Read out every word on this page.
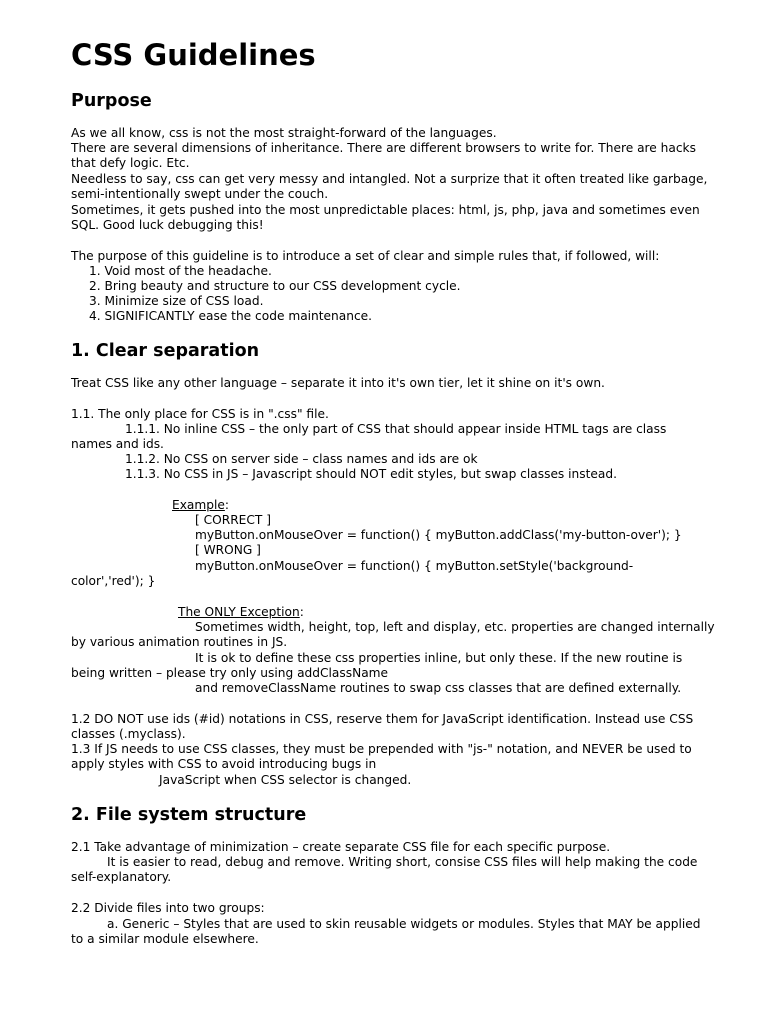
CSS Guidelines
Purpose

As we all know, css is not the most straight-forward of the languages.

There are several dimensions of inheritance. There are different browsers to write for. There are hacks

that defy logic. Etc.

Needless to say, css can get very messy and intangled. Not a surprize that it often treated like garbage,

semi-intentionally swept under the couch.

Sometimes, it gets pushed into the most unpredictable places: html, js, php, java and sometimes even

SQL. Good luck debugging this!

The purpose of this guideline is to introduce a set of clear and simple rules that, if followed, will:

1. Void most of the headache.

2. Bring beauty and structure to our CSS development cycle.

3. Minimize size of CSS load.

4. SIGNIFICANTLY ease the code maintenance.

1. Clear separation

Treat CSS like any other language – separate it into it's own tier, let it shine on it's own.

1.1. The only place for CSS is in ".css" file.

1.1.1. No inline CSS – the only part of CSS that should appear inside HTML tags are class

names and ids.

1.1.2. No CSS on server side – class names and ids are ok

1.1.3. No CSS in JS – Javascript should NOT edit styles, but swap classes instead.

Example:

[ CORRECT ]

myButton.onMouseOver = function() { myButton.addClass('my-button-over'); }

[ WRONG ]

myButton.onMouseOver = function() { myButton.setStyle('background-

color','red'); }

The ONLY Exception:

Sometimes width, height, top, left and display, etc. properties are changed internally

by various animation routines in JS.

It is ok to define these css properties inline, but only these. If the new routine is

being written – please try only using addClassName

and removeClassName routines to swap css classes that are defined externally.

1.2 DO NOT use ids (#id) notations in CSS, reserve them for JavaScript identification. Instead use CSS

classes (.myclass).

1.3 If JS needs to use CSS classes, they must be prepended with "js-" notation, and NEVER be used to

apply styles with CSS to avoid introducing bugs in

JavaScript when CSS selector is changed.

2. File system structure

2.1 Take advantage of minimization – create separate CSS file for each specific purpose.

It is easier to read, debug and remove. Writing short, consise CSS files will help making the code

self-explanatory.

2.2 Divide files into two groups:

a. Generic – Styles that are used to skin reusable widgets or modules. Styles that MAY be applied

to a similar module elsewhere.
